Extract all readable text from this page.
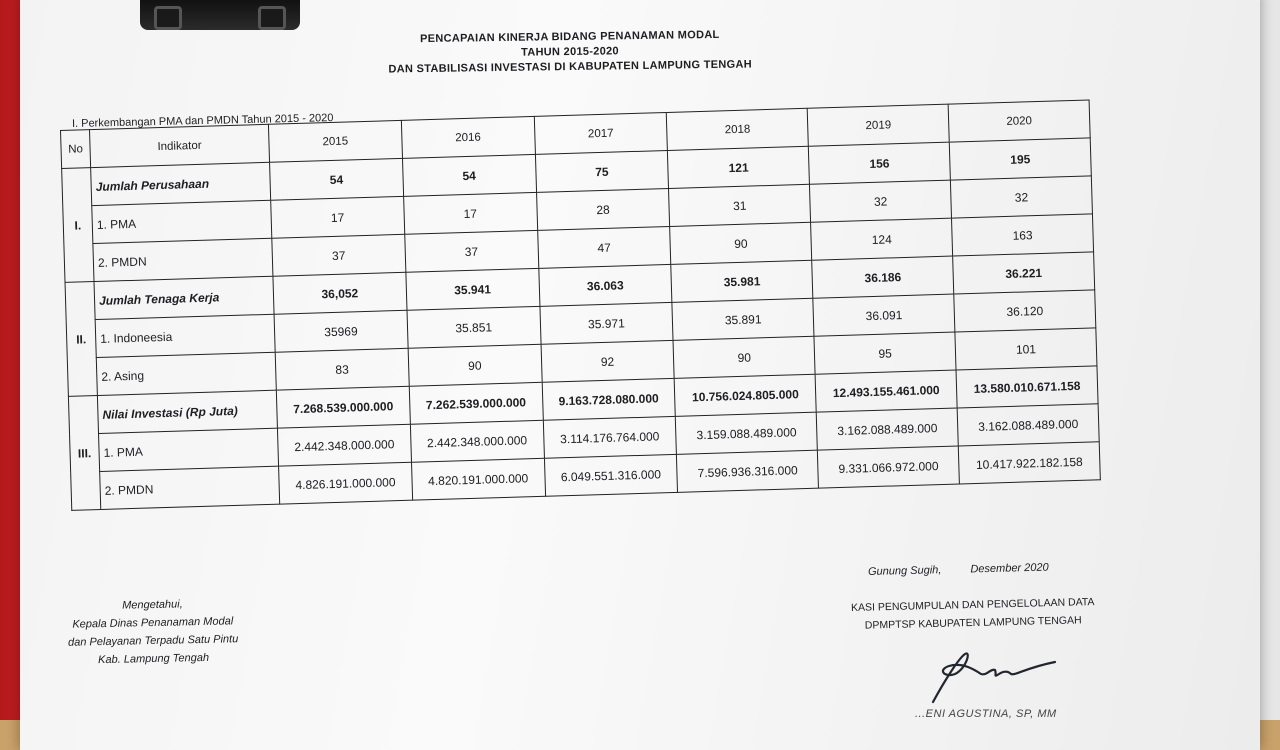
PENCAPAIAN KINERJA BIDANG PENANAMAN MODAL
TAHUN 2015-2020
DAN STABILISASI INVESTASI DI KABUPATEN LAMPUNG TENGAH
I. Perkembangan PMA dan PMDN Tahun 2015 - 2020
No	Indikator	2015	2016	2017	2018	2019	2020
I.	Jumlah Perusahaan	54	54	75	121	156	195
	1. PMA	17	17	28	31	32	32
	2. PMDN	37	37	47	90	124	163
II.	Jumlah Tenaga Kerja	36,052	35.941	36.063	35.981	36.186	36.221
	1. Indoneesia	35969	35.851	35.971	35.891	36.091	36.120
	2. Asing	83	90	92	90	95	101
III.	Nilai Investasi (Rp Juta)	7.268.539.000.000	7.262.539.000.000	9.163.728.080.000	10.756.024.805.000	12.493.155.461.000	13.580.010.671.158
	1. PMA	2.442.348.000.000	2.442.348.000.000	3.114.176.764.000	3.159.088.489.000	3.162.088.489.000	3.162.088.489.000
	2. PMDN	4.826.191.000.000	4.820.191.000.000	6.049.551.316.000	7.596.936.316.000	9.331.066.972.000	10.417.922.182.158
Gunung Sugih,	Desember 2020
Mengetahui,
Kepala Dinas Penanaman Modal
dan Pelayanan Terpadu Satu Pintu
Kab. Lampung Tengah
KASI PENGUMPULAN DAN PENGELOLAAN DATA
DPMPTSP KABUPATEN LAMPUNG TENGAH
...ENI AGUSTINA, SP, MM
